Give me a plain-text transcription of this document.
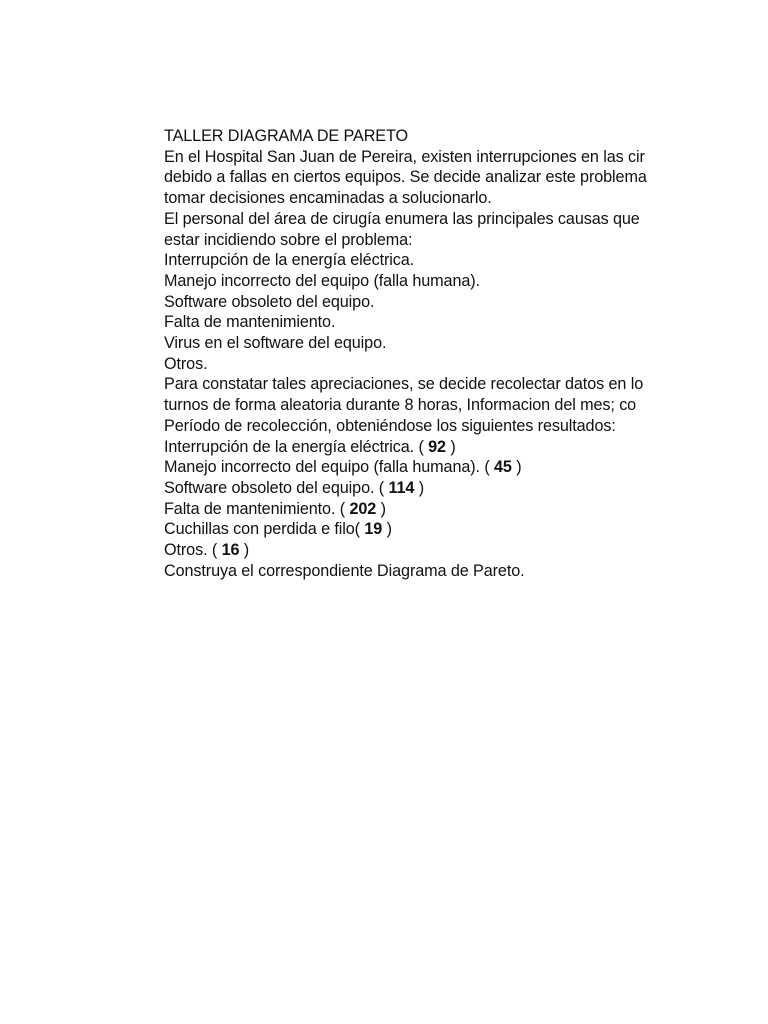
TALLER DIAGRAMA DE PARETO
En el Hospital San Juan de Pereira, existen interrupciones en las cir
debido a fallas en ciertos equipos. Se decide analizar este problema
tomar decisiones encaminadas a solucionarlo.
El personal del área de cirugía enumera las principales causas que
estar incidiendo sobre el problema:
Interrupción de la energía eléctrica.
Manejo incorrecto del equipo (falla humana).
Software obsoleto del equipo.
Falta de mantenimiento.
Virus en el software del equipo.
Otros.
Para constatar tales apreciaciones, se decide recolectar datos en lo
turnos de forma aleatoria durante 8 horas, Informacion del mes; co
Período de recolección, obteniéndose los siguientes resultados:
Interrupción de la energía eléctrica. ( 92 )
Manejo incorrecto del equipo (falla humana). ( 45 )
Software obsoleto del equipo. ( 114 )
Falta de mantenimiento. ( 202 )
Cuchillas con perdida e filo( 19 )
Otros. ( 16 )
Construya el correspondiente Diagrama de Pareto.
